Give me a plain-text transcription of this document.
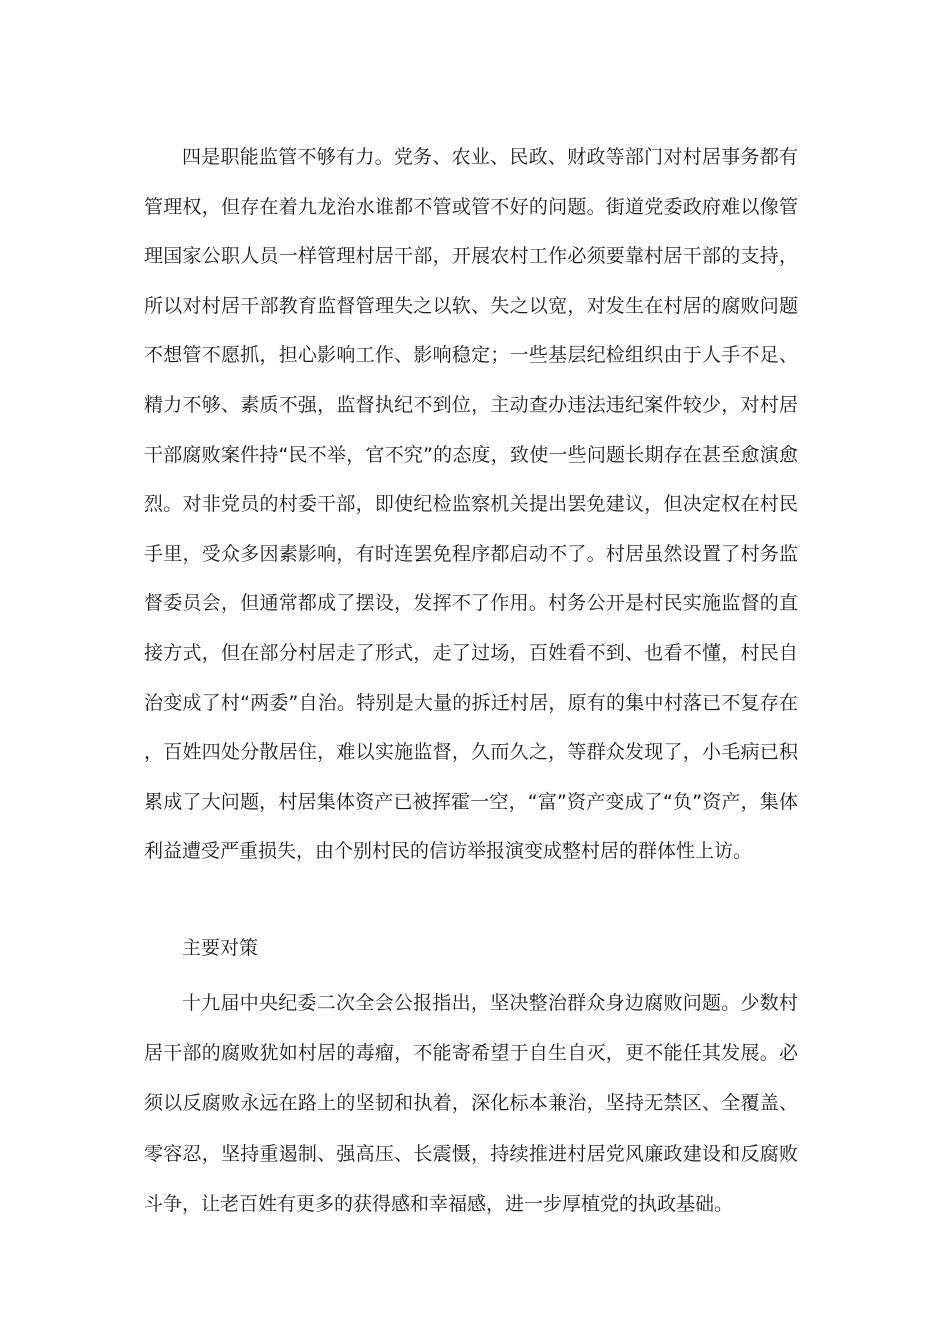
四是职能监管不够有力。党务、农业、民政、财政等部门对村居事务都有管理权，但存在着九龙治水谁都不管或管不好的问题。街道党委政府难以像管理国家公职人员一样管理村居干部，开展农村工作必须要靠村居干部的支持，所以对村居干部教育监督管理失之以软、失之以宽，对发生在村居的腐败问题不想管不愿抓，担心影响工作、影响稳定；一些基层纪检组织由于人手不足、精力不够、素质不强，监督执纪不到位，主动查办违法违纪案件较少，对村居干部腐败案件持“民不举，官不究”的态度，致使一些问题长期存在甚至愈演愈烈。对非党员的村委干部，即使纪检监察机关提出罢免建议，但决定权在村民手里，受众多因素影响，有时连罢免程序都启动不了。村居虽然设置了村务监督委员会，但通常都成了摆设，发挥不了作用。村务公开是村民实施监督的直接方式，但在部分村居走了形式，走了过场，百姓看不到、也看不懂，村民自治变成了村“两委”自治。特别是大量的拆迁村居，原有的集中村落已不复存在，百姓四处分散居住，难以实施监督，久而久之，等群众发现了，小毛病已积累成了大问题，村居集体资产已被挥霍一空，“富”资产变成了“负”资产，集体利益遭受严重损失，由个别村民的信访举报演变成整村居的群体性上访。

主要对策

十九届中央纪委二次全会公报指出，坚决整治群众身边腐败问题。少数村居干部的腐败犹如村居的毒瘤，不能寄希望于自生自灭，更不能任其发展。必须以反腐败永远在路上的坚韧和执着，深化标本兼治，坚持无禁区、全覆盖、零容忍，坚持重遏制、强高压、长震慑，持续推进村居党风廉政建设和反腐败斗争，让老百姓有更多的获得感和幸福感，进一步厚植党的执政基础。
